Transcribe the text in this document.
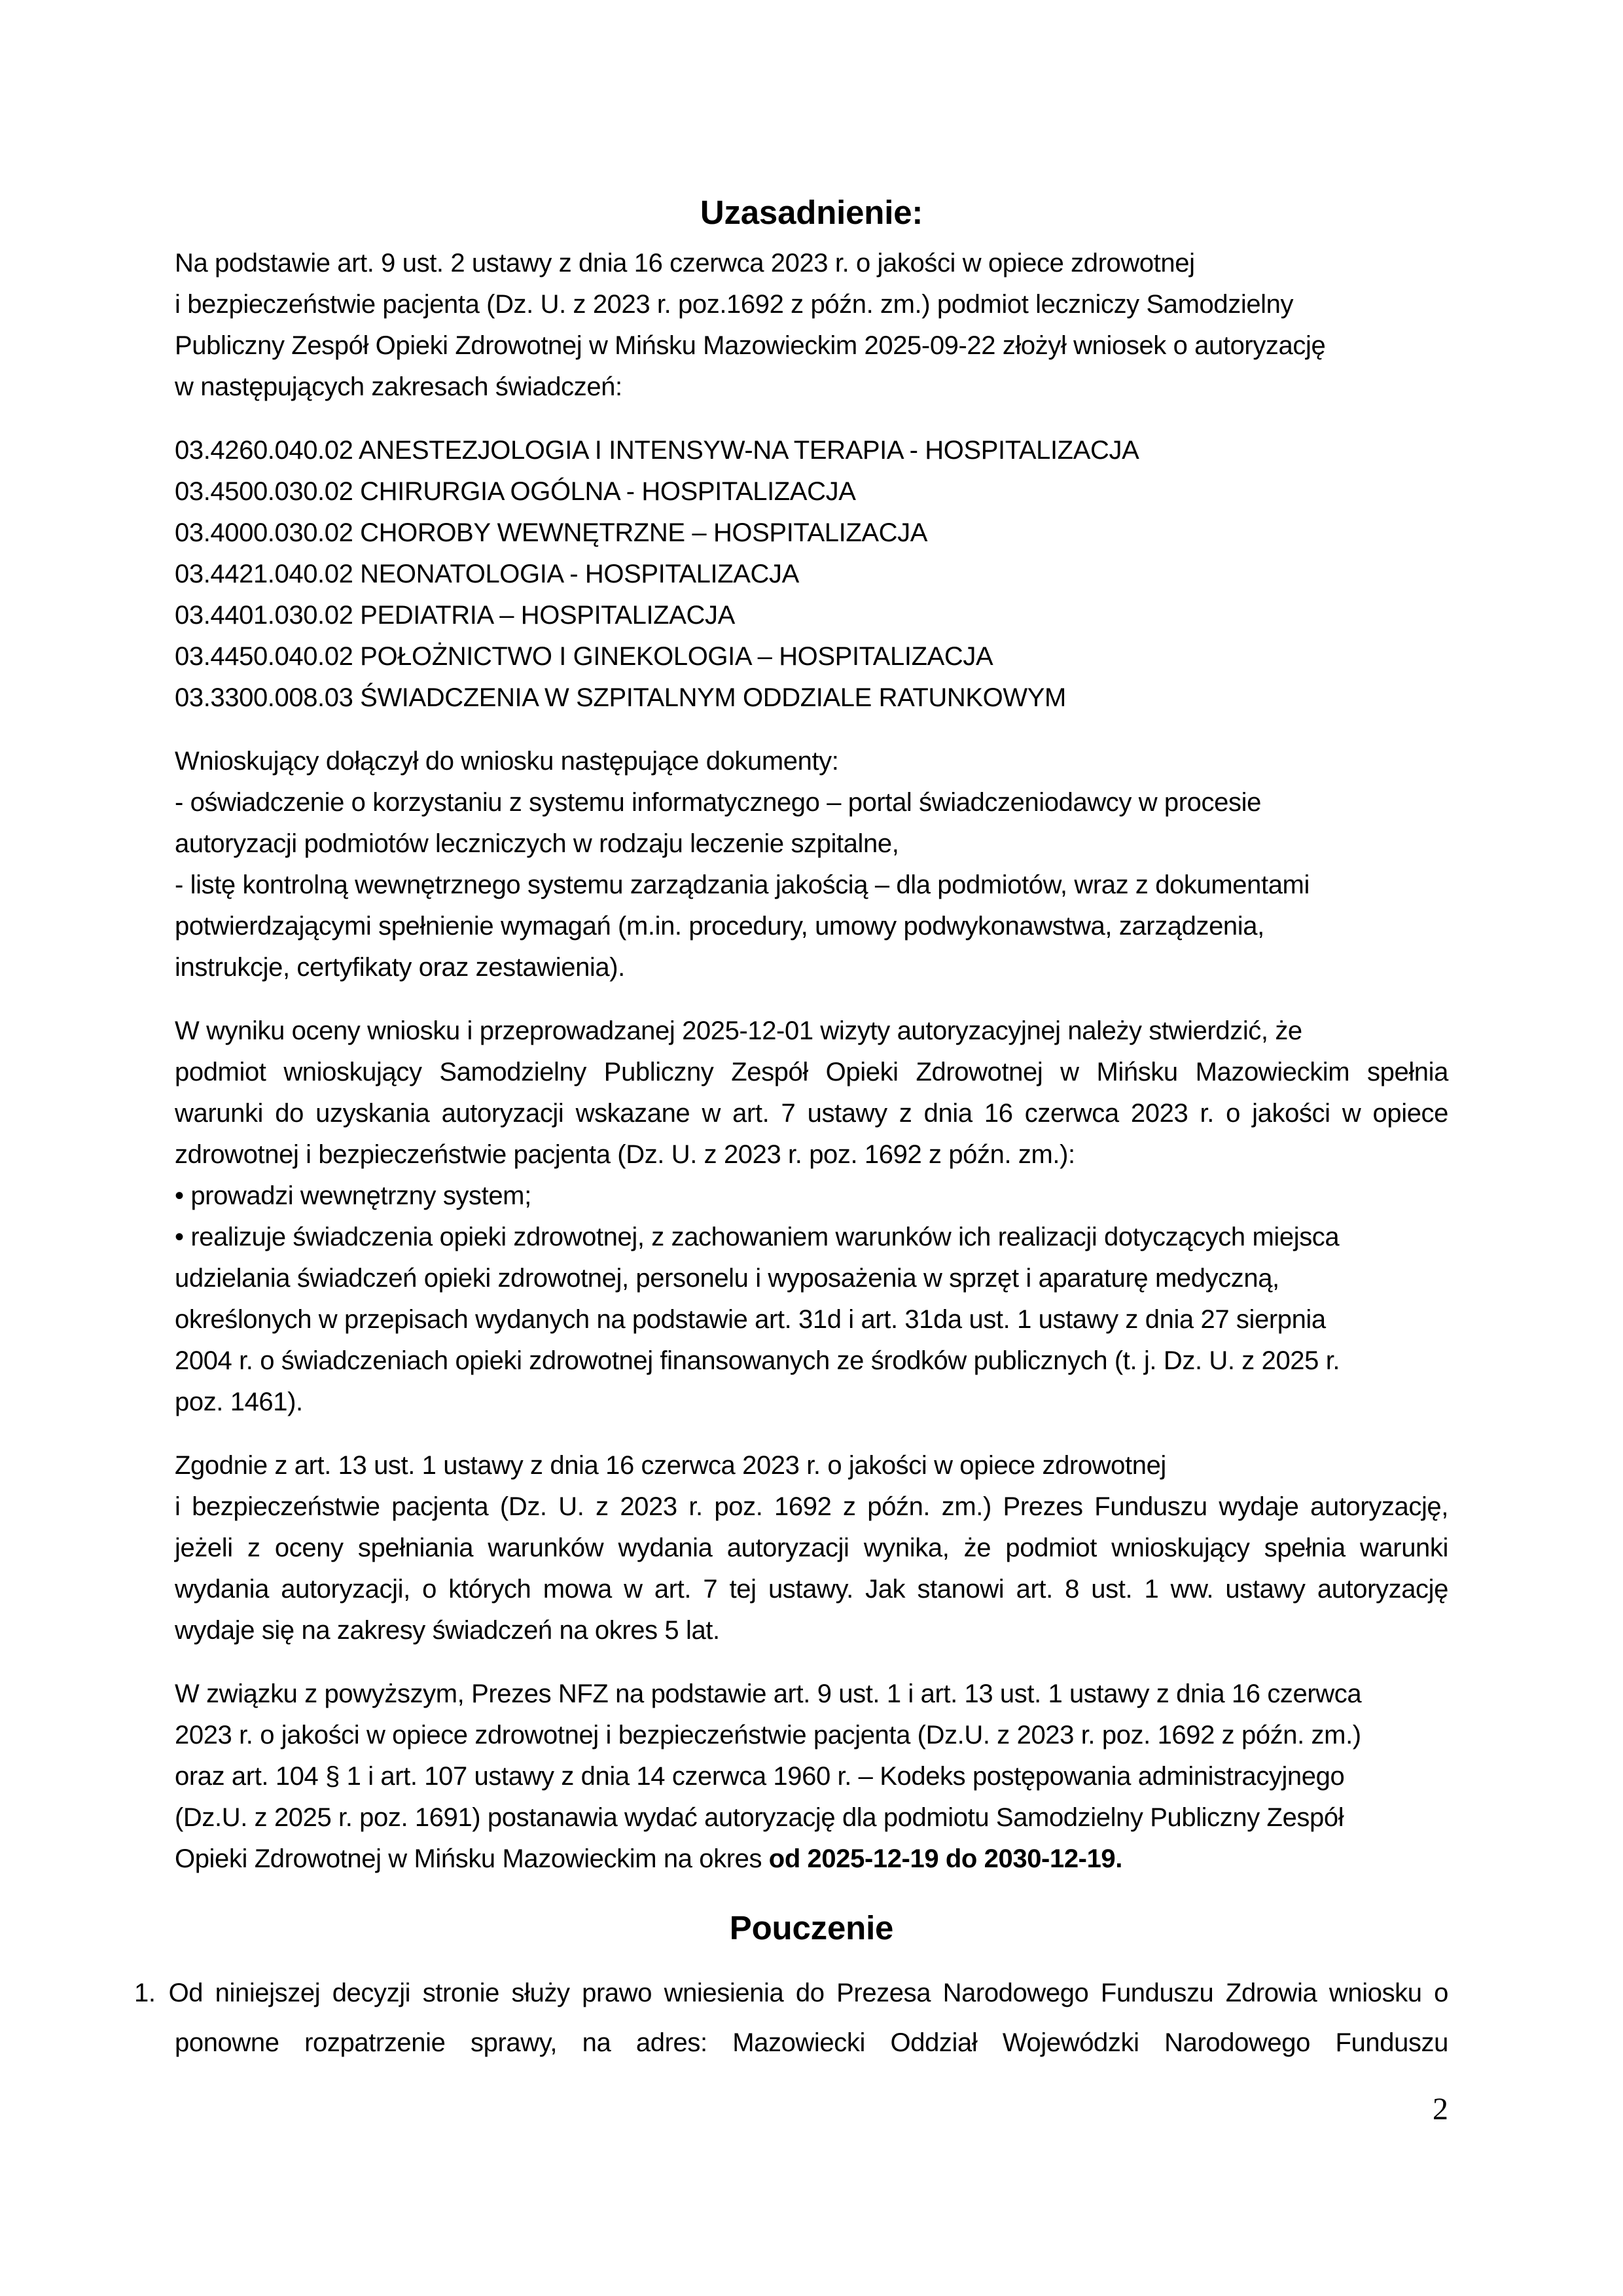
Uzasadnienie:
Na podstawie art. 9 ust. 2 ustawy z dnia 16 czerwca 2023 r. o jakości w opiece zdrowotnej
i bezpieczeństwie pacjenta (Dz. U. z 2023 r. poz.1692 z późn. zm.) podmiot leczniczy Samodzielny
Publiczny Zespół Opieki Zdrowotnej w Mińsku Mazowieckim 2025-09-22 złożył wniosek o autoryzację
w następujących zakresach świadczeń:
03.4260.040.02 ANESTEZJOLOGIA I INTENSYW-NA TERAPIA - HOSPITALIZACJA
03.4500.030.02 CHIRURGIA OGÓLNA - HOSPITALIZACJA
03.4000.030.02 CHOROBY WEWNĘTRZNE – HOSPITALIZACJA
03.4421.040.02 NEONATOLOGIA - HOSPITALIZACJA
03.4401.030.02 PEDIATRIA – HOSPITALIZACJA
03.4450.040.02 POŁOŻNICTWO I GINEKOLOGIA – HOSPITALIZACJA
03.3300.008.03 ŚWIADCZENIA W SZPITALNYM ODDZIALE RATUNKOWYM
Wnioskujący dołączył do wniosku następujące dokumenty:
- oświadczenie o korzystaniu z systemu informatycznego – portal świadczeniodawcy w procesie
autoryzacji podmiotów leczniczych w rodzaju leczenie szpitalne,
- listę kontrolną wewnętrznego systemu zarządzania jakością – dla podmiotów, wraz z dokumentami
potwierdzającymi spełnienie wymagań (m.in. procedury, umowy podwykonawstwa, zarządzenia,
instrukcje, certyfikaty oraz zestawienia).
W wyniku oceny wniosku i przeprowadzanej 2025-12-01 wizyty autoryzacyjnej należy stwierdzić, że
podmiot wnioskujący Samodzielny Publiczny Zespół Opieki Zdrowotnej w Mińsku Mazowieckim spełnia
warunki do uzyskania autoryzacji wskazane w art. 7 ustawy z dnia 16 czerwca 2023 r. o jakości w opiece
zdrowotnej i bezpieczeństwie pacjenta (Dz. U. z 2023 r. poz. 1692 z późn. zm.):
• prowadzi wewnętrzny system;
• realizuje świadczenia opieki zdrowotnej, z zachowaniem warunków ich realizacji dotyczących miejsca
udzielania świadczeń opieki zdrowotnej, personelu i wyposażenia w sprzęt i aparaturę medyczną,
określonych w przepisach wydanych na podstawie art. 31d i art. 31da ust. 1 ustawy z dnia 27 sierpnia
2004 r. o świadczeniach opieki zdrowotnej finansowanych ze środków publicznych (t. j. Dz. U. z 2025 r.
poz. 1461).
Zgodnie z art. 13 ust. 1 ustawy z dnia 16 czerwca 2023 r. o jakości w opiece zdrowotnej
i bezpieczeństwie pacjenta (Dz. U. z 2023 r. poz. 1692 z późn. zm.) Prezes Funduszu wydaje autoryzację,
jeżeli z oceny spełniania warunków wydania autoryzacji wynika, że podmiot wnioskujący spełnia warunki
wydania autoryzacji, o których mowa w art. 7 tej ustawy. Jak stanowi art. 8 ust. 1 ww. ustawy autoryzację
wydaje się na zakresy świadczeń na okres 5 lat.
W związku z powyższym, Prezes NFZ na podstawie art. 9 ust. 1 i art. 13 ust. 1 ustawy z dnia 16 czerwca
2023 r. o jakości w opiece zdrowotnej i bezpieczeństwie pacjenta (Dz.U. z 2023 r. poz. 1692 z późn. zm.)
oraz art. 104 § 1 i art. 107 ustawy z dnia 14 czerwca 1960 r. – Kodeks postępowania administracyjnego
(Dz.U. z 2025 r. poz. 1691) postanawia wydać autoryzację dla podmiotu Samodzielny Publiczny Zespół
Opieki Zdrowotnej w Mińsku Mazowieckim na okres od 2025-12-19 do 2030-12-19.
Pouczenie
1. Od niniejszej decyzji stronie służy prawo wniesienia do Prezesa Narodowego Funduszu Zdrowia wniosku o
ponowne rozpatrzenie sprawy, na adres: Mazowiecki Oddział Wojewódzki Narodowego Funduszu
2
